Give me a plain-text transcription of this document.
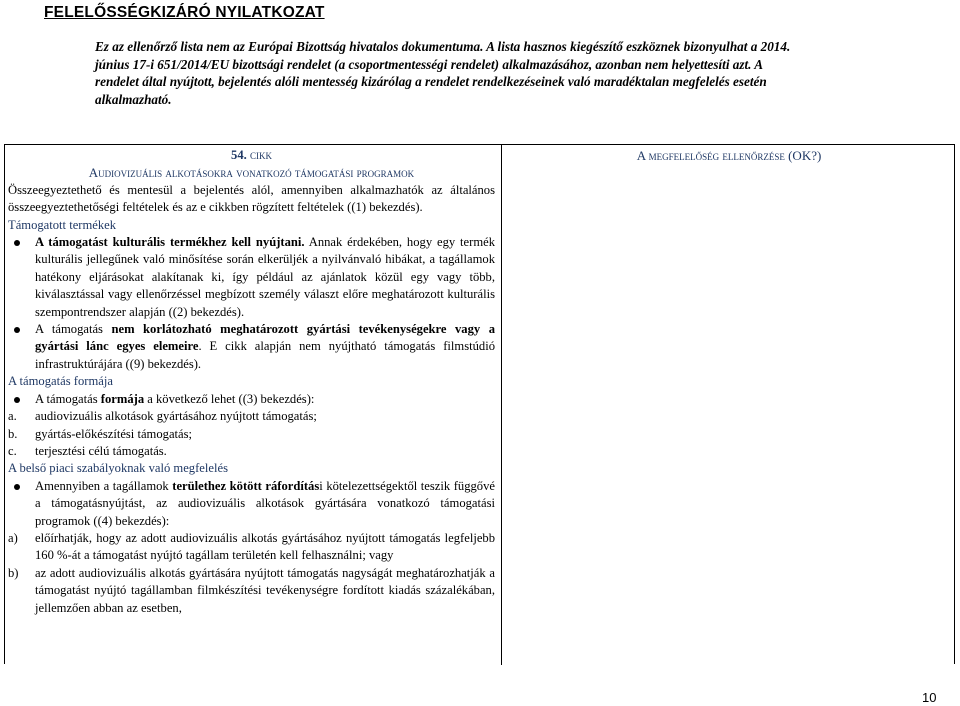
FELELŐSSÉGKIZÁRÓ NYILATKOZAT

Ez az ellenőrző lista nem az Európai Bizottság hivatalos dokumentuma. A lista hasznos kiegészítő eszköznek bizonyulhat a 2014.

június 17-i 651/2014/EU bizottsági rendelet (a csoportmentességi rendelet) alkalmazásához, azonban nem helyettesíti azt. A

rendelet által nyújtott, bejelentés alóli mentesség kizárólag a rendelet rendelkezéseinek való maradéktalan megfelelés esetén

alkalmazható.

54. cikk

Audiovizuális alkotásokra vonatkozó támogatási programok

Összeegyeztethető és mentesül a bejelentés alól, amennyiben alkalmazhatók az általános összeegyeztethetőségi feltételek és az e cikkben rögzített feltételek ((1) bekezdés).

Támogatott termékek

A támogatást kulturális termékhez kell nyújtani. Annak érdekében, hogy egy termék kulturális jellegűnek való minősítése során elkerüljék a nyilvánvaló hibákat, a tagállamok hatékony eljárásokat alakítanak ki, így például az ajánlatok közül egy vagy több, kiválasztással vagy ellenőrzéssel megbízott személy választ előre meghatározott kulturális szempontrendszer alapján ((2) bekezdés).

A támogatás nem korlátozható meghatározott gyártási tevékenységekre vagy a gyártási lánc egyes elemeire. E cikk alapján nem nyújtható támogatás filmstúdió infrastruktúrájára ((9) bekezdés).

A támogatás formája

A támogatás formája a következő lehet ((3) bekezdés):

a. audiovizuális alkotások gyártásához nyújtott támogatás;

b. gyártás-előkészítési támogatás;

c. terjesztési célú támogatás.

A belső piaci szabályoknak való megfelelés

Amennyiben a tagállamok területhez kötött ráfordítási kötelezettségektől teszik függővé a támogatásnyújtást, az audiovizuális alkotások gyártására vonatkozó támogatási programok ((4) bekezdés):

a) előírhatják, hogy az adott audiovizuális alkotás gyártásához nyújtott támogatás legfeljebb 160 %-át a támogatást nyújtó tagállam területén kell felhasználni; vagy

b) az adott audiovizuális alkotás gyártására nyújtott támogatás nagyságát meghatározhatják a támogatást nyújtó tagállamban filmkészítési tevékenységre fordított kiadás százalékában, jellemzően abban az esetben,

A megfelelőség ellenőrzése (OK?)

10
